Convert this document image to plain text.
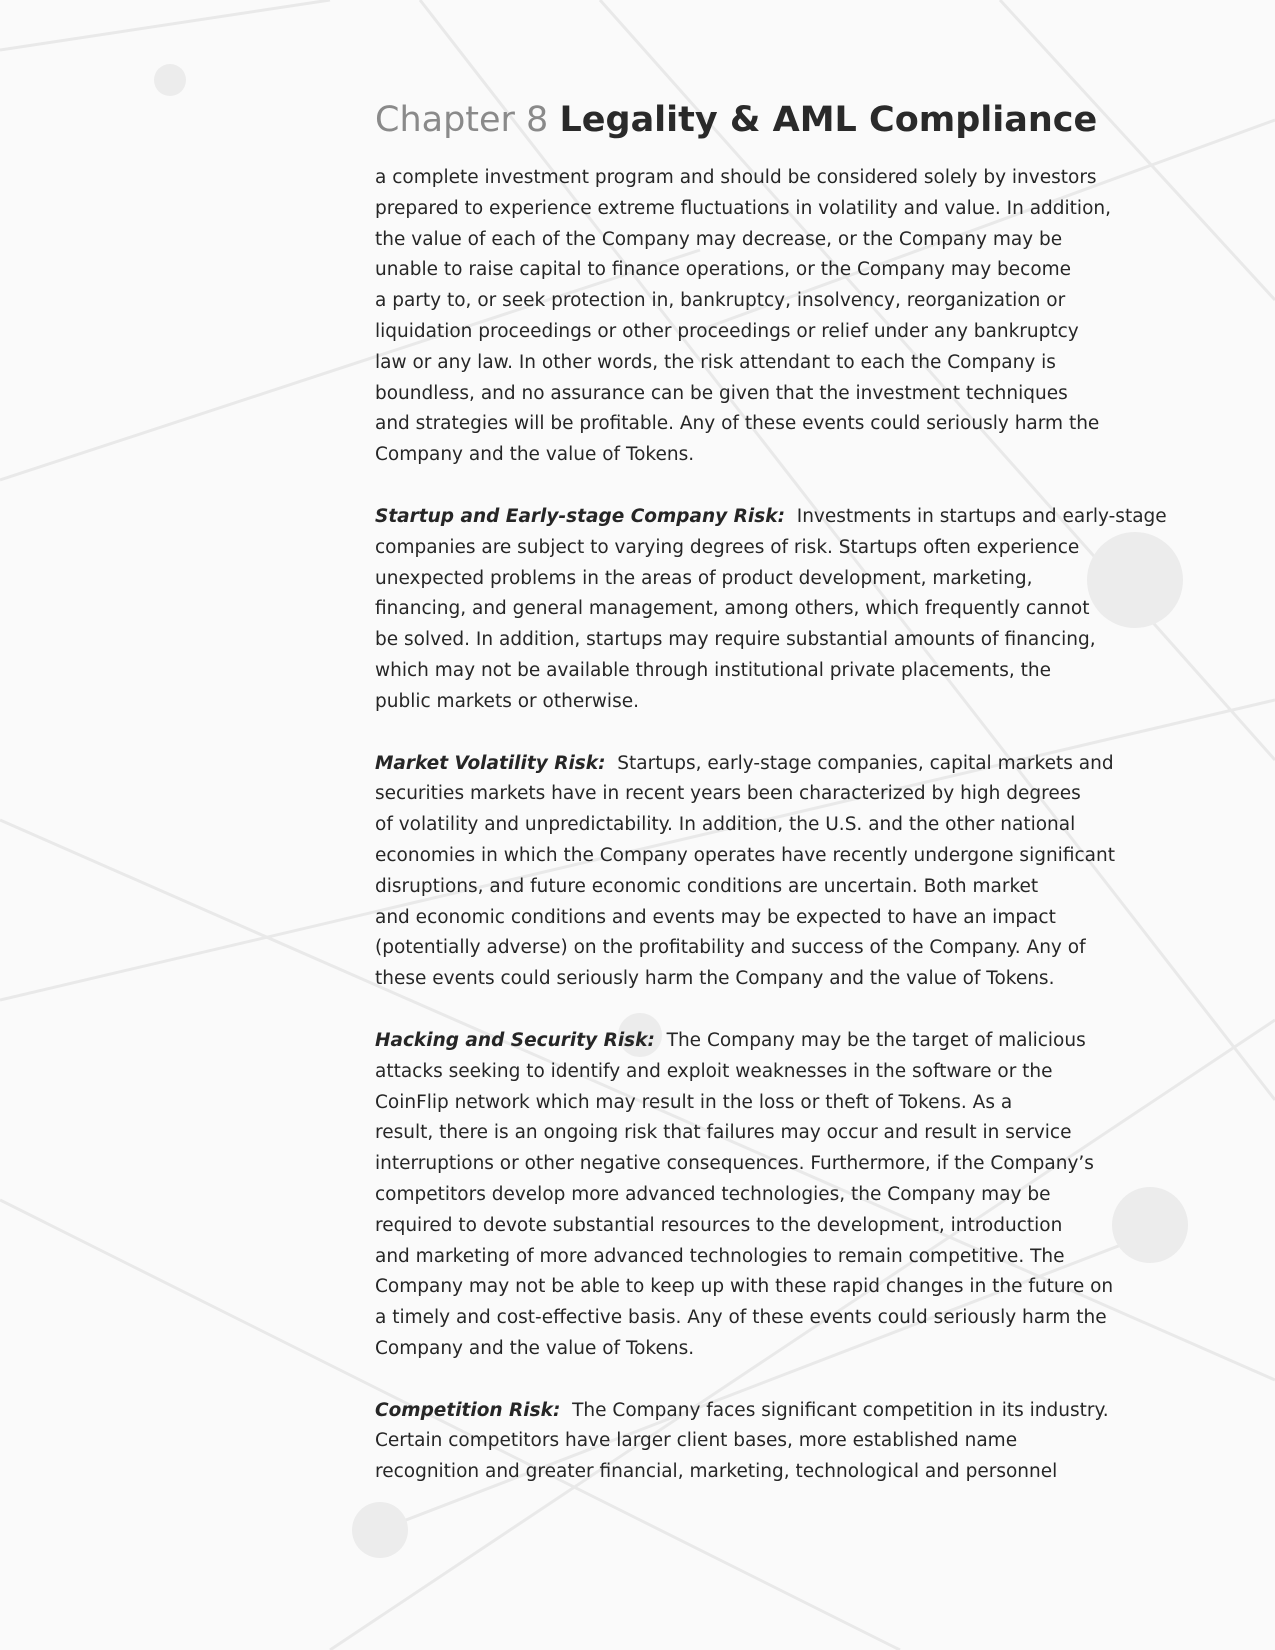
Chapter 8 Legality & AML Compliance

a complete investment program and should be considered solely by investors
prepared to experience extreme fluctuations in volatility and value. In addition,
the value of each of the Company may decrease, or the Company may be
unable to raise capital to finance operations, or the Company may become
a party to, or seek protection in, bankruptcy, insolvency, reorganization or
liquidation proceedings or other proceedings or relief under any bankruptcy
law or any law. In other words, the risk attendant to each the Company is
boundless, and no assurance can be given that the investment techniques
and strategies will be profitable. Any of these events could seriously harm the
Company and the value of Tokens.

Startup and Early-stage Company Risk: Investments in startups and early-stage
companies are subject to varying degrees of risk. Startups often experience
unexpected problems in the areas of product development, marketing,
financing, and general management, among others, which frequently cannot
be solved. In addition, startups may require substantial amounts of financing,
which may not be available through institutional private placements, the
public markets or otherwise.

Market Volatility Risk: Startups, early-stage companies, capital markets and
securities markets have in recent years been characterized by high degrees
of volatility and unpredictability. In addition, the U.S. and the other national
economies in which the Company operates have recently undergone significant
disruptions, and future economic conditions are uncertain. Both market
and economic conditions and events may be expected to have an impact
(potentially adverse) on the profitability and success of the Company. Any of
these events could seriously harm the Company and the value of Tokens.

Hacking and Security Risk: The Company may be the target of malicious
attacks seeking to identify and exploit weaknesses in the software or the
CoinFlip network which may result in the loss or theft of Tokens. As a
result, there is an ongoing risk that failures may occur and result in service
interruptions or other negative consequences. Furthermore, if the Company’s
competitors develop more advanced technologies, the Company may be
required to devote substantial resources to the development, introduction
and marketing of more advanced technologies to remain competitive. The
Company may not be able to keep up with these rapid changes in the future on
a timely and cost-effective basis. Any of these events could seriously harm the
Company and the value of Tokens.

Competition Risk: The Company faces significant competition in its industry.
Certain competitors have larger client bases, more established name
recognition and greater financial, marketing, technological and personnel
